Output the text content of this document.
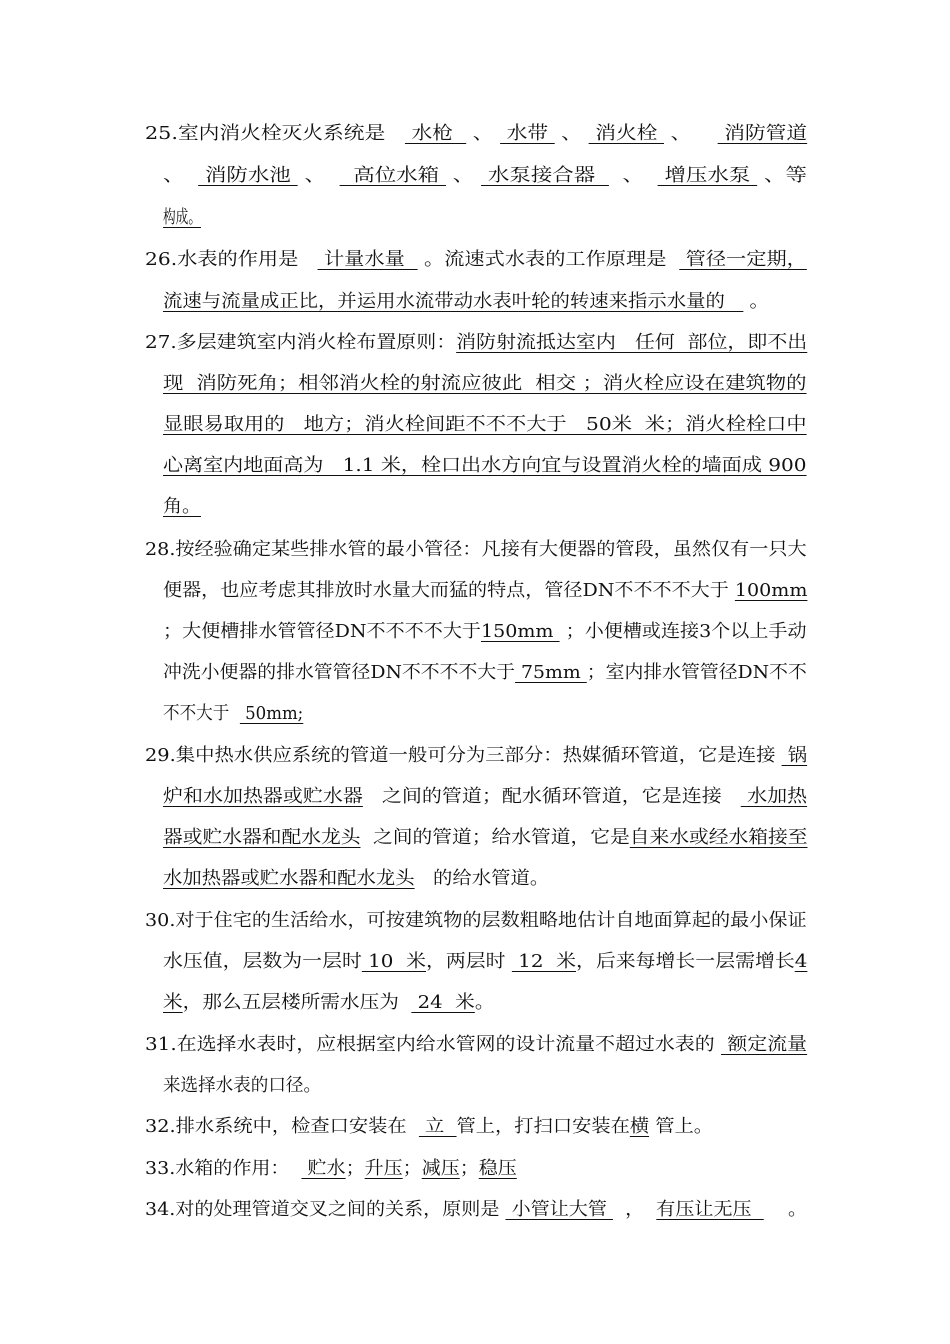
25.室内消火栓灭火系统是    水枪   、  水带  、  消火栓  、     消防管道
、   消防水池  、    高位水箱  、  水泵接合器    、   增压水泵  、等
构成。
26.水表的作用是    计量水量   。流速式水表的工作原理是   管径一定期，
流速与流量成正比，并运用水流带动水表叶轮的转速来指示水量的    。
27.多层建筑室内消火栓布置原则：消防射流抵达室内   任何  部位，即不出
现  消防死角；相邻消火栓的射流应彼此  相交 ；消火栓应设在建筑物的
显眼易取用的   地方；消火栓间距不不不大于   50米  米；消火栓栓口中
心离室内地面高为   1.1 米，栓口出水方向宜与设置消火栓的墙面成 900
角。
28.按经验确定某些排水管的最小管径：凡接有大便器的管段，虽然仅有一只大
便器，也应考虑其排放时水量大而猛的特点，管径DN不不不不大于 100mm
；大便槽排水管管径DN不不不不大于150mm  ；小便槽或连接3个以上手动
冲洗小便器的排水管管径DN不不不不大于 75mm ；室内排水管管径DN不不
不不大于   50mm;
29.集中热水供应系统的管道一般可分为三部分：热媒循环管道，它是连接  锅
炉和水加热器或贮水器   之间的管道；配水循环管道，它是连接    水加热
器或贮水器和配水龙头  之间的管道；给水管道，它是自来水或经水箱接至
水加热器或贮水器和配水龙头   的给水管道。
30.对于住宅的生活给水，可按建筑物的层数粗略地估计自地面算起的最小保证
水压值，层数为一层时 10  米，两层时  12  米，后来每增长一层需增长4
米，那么五层楼所需水压为   24  米。
31.在选择水表时，应根据室内给水管网的设计流量不超过水表的  额定流量
来选择水表的口径。
32.排水系统中，检查口安装在   立  管上，打扫口安装在横 管上。
33.水箱的作用：   贮水；升压；减压；稳压
34.对的处理管道交叉之间的关系，原则是  小管让大管   ，  有压让无压      。
